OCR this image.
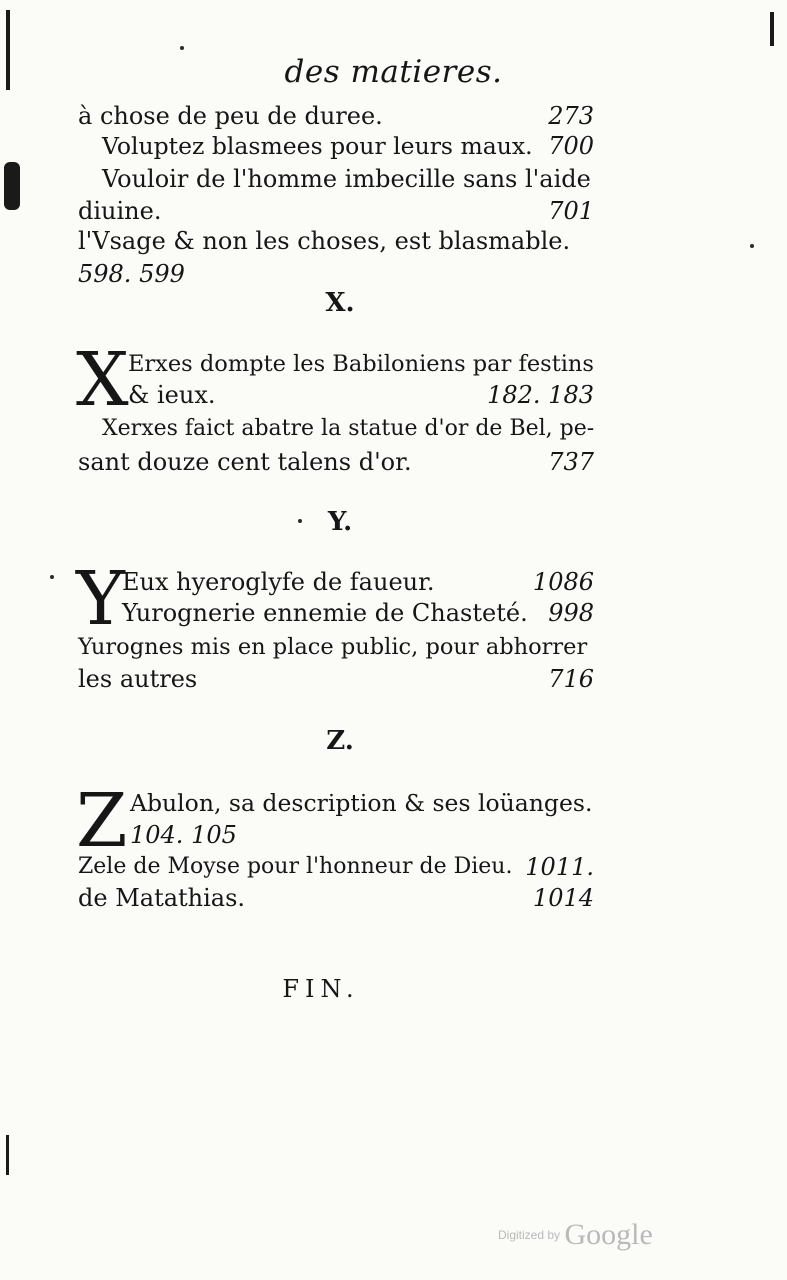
des matieres.
à chose de peu de duree.	273
Voluptez blasmees pour leurs maux. 700
Vouloir de l'homme imbecille sans l'aide
diuine.	701
l'Vsage & non les choses, est blasmable.
598. 599
X.
X Erxes dompte les Babiloniens par festins
& ieux.	182. 183
Xerxes faict abatre la statue d'or de Bel, pe-
sant douze cent talens d'or.	737
Y.
Y
Eux hyeroglyfe de faueur.	1086
Yurognerie ennemie de Chasteté. 998
Yurognes mis en place public, pour abhorrer
les autres	716
Z.
Z Abulon, sa description & ses loüanges.
104. 105
Zele de Moyse pour l'honneur de Dieu. 1011.
de Matathias.	1014
FIN.
Digitized by Google
